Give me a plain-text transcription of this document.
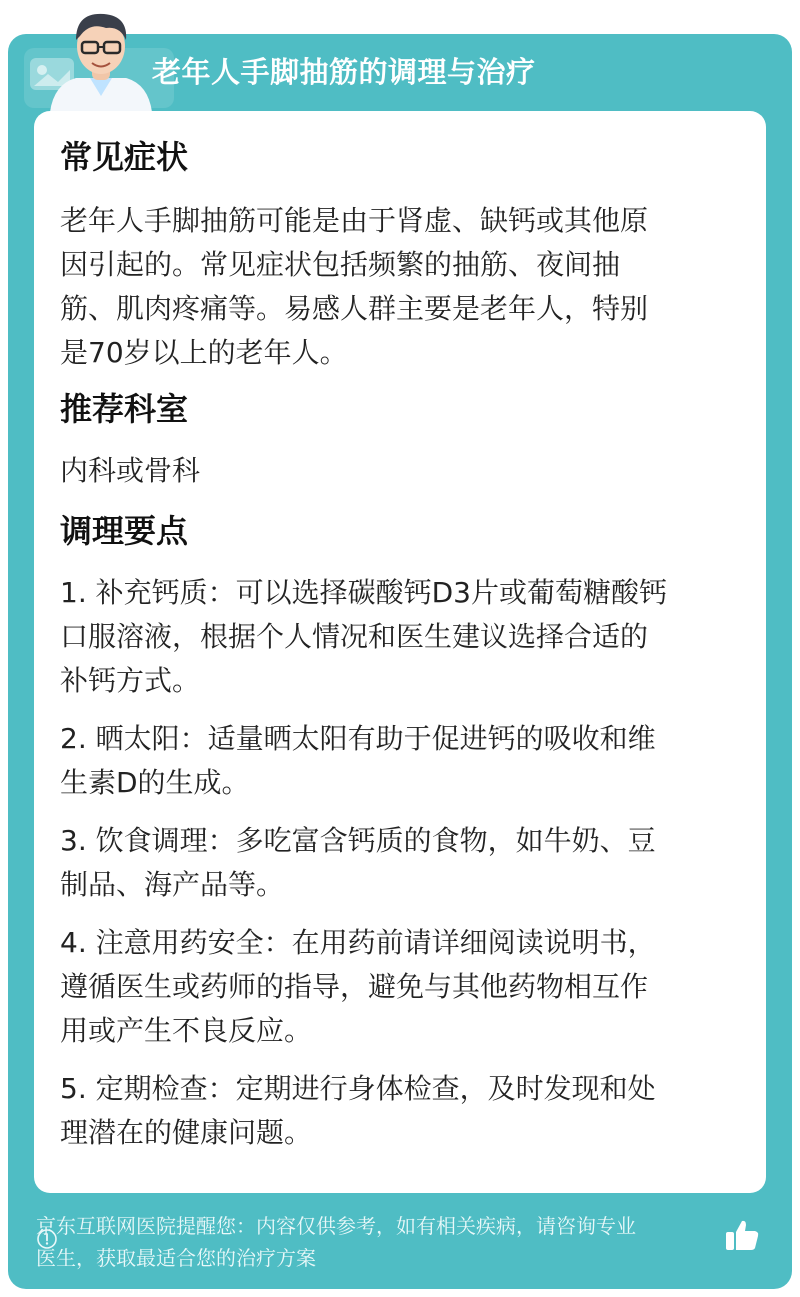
老年人手脚抽筋的调理与治疗
常见症状

老年人手脚抽筋可能是由于肾虚、缺钙或其他原

因引起的。常见症状包括频繁的抽筋、夜间抽

筋、肌肉疼痛等。易感人群主要是老年人，特别

是70岁以上的老年人。

推荐科室

内科或骨科

调理要点

1. 补充钙质：可以选择碳酸钙D3片或葡萄糖酸钙

口服溶液，根据个人情况和医生建议选择合适的

补钙方式。

2. 晒太阳：适量晒太阳有助于促进钙的吸收和维

生素D的生成。

3. 饮食调理：多吃富含钙质的食物，如牛奶、豆

制品、海产品等。

4. 注意用药安全：在用药前请详细阅读说明书，

遵循医生或药师的指导，避免与其他药物相互作

用或产生不良反应。

5. 定期检查：定期进行身体检查，及时发现和处

理潜在的健康问题。

京东互联网医院提醒您：内容仅供参考，如有相关疾病，请咨询专业
医生，获取最适合您的治疗方案
